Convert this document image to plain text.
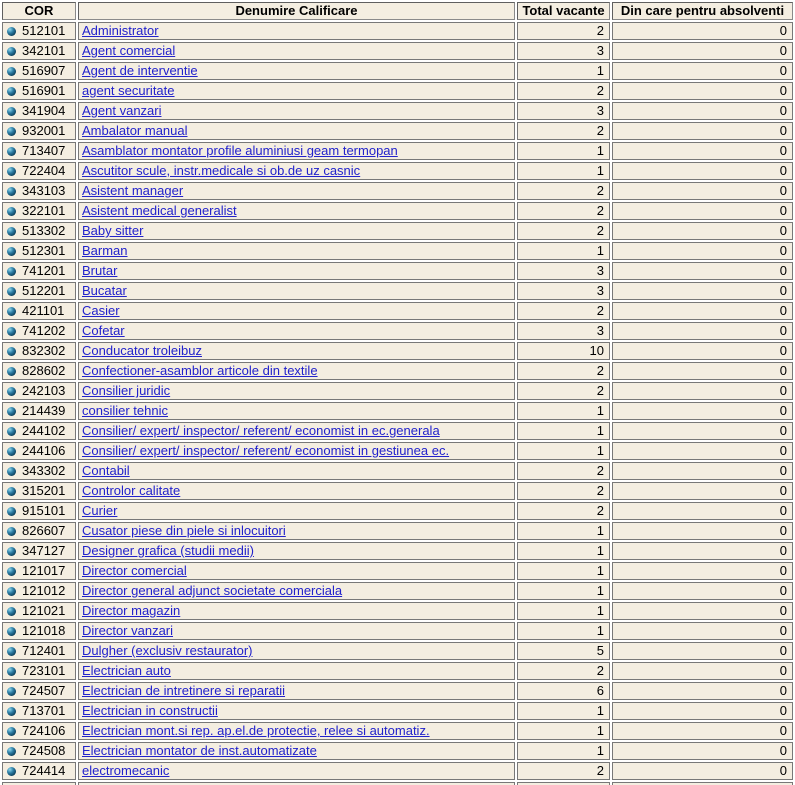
COR	Denumire Calificare	Total vacante	Din care pentru absolventi
512101	Administrator	2	0
342101	Agent comercial	3	0
516907	Agent de interventie	1	0
516901	agent securitate	2	0
341904	Agent vanzari	3	0
932001	Ambalator manual	2	0
713407	Asamblator montator profile aluminiusi geam termopan	1	0
722404	Ascutitor scule, instr.medicale si ob.de uz casnic	1	0
343103	Asistent manager	2	0
322101	Asistent medical generalist	2	0
513302	Baby sitter	2	0
512301	Barman	1	0
741201	Brutar	3	0
512201	Bucatar	3	0
421101	Casier	2	0
741202	Cofetar	3	0
832302	Conducator troleibuz	10	0
828602	Confectioner-asamblor articole din textile	2	0
242103	Consilier juridic	2	0
214439	consilier tehnic	1	0
244102	Consilier/ expert/ inspector/ referent/ economist in ec.generala	1	0
244106	Consilier/ expert/ inspector/ referent/ economist in gestiunea ec.	1	0
343302	Contabil	2	0
315201	Controlor calitate	2	0
915101	Curier	2	0
826607	Cusator piese din piele si inlocuitori	1	0
347127	Designer grafica (studii medii)	1	0
121017	Director comercial	1	0
121012	Director general adjunct societate comerciala	1	0
121021	Director magazin	1	0
121018	Director vanzari	1	0
712401	Dulgher (exclusiv restaurator)	5	0
723101	Electrician auto	2	0
724507	Electrician de intretinere si reparatii	6	0
713701	Electrician in constructii	1	0
724106	Electrician mont.si rep. ap.el.de protectie, relee si automatiz.	1	0
724508	Electrician montator de inst.automatizate	1	0
724414	electromecanic	2	0
